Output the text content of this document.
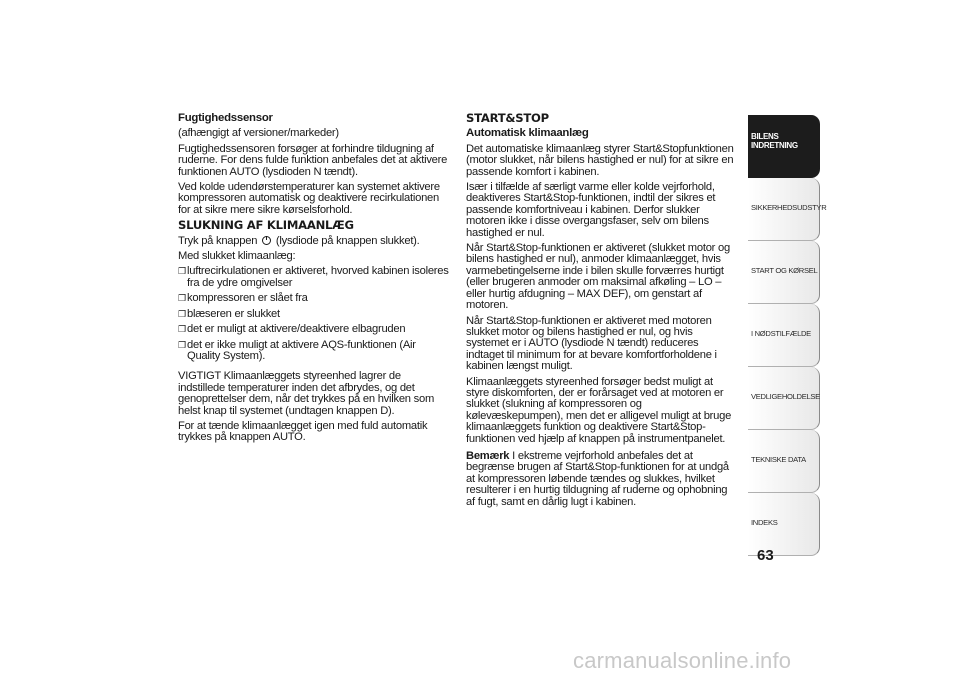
Fugtighedssensor

(afhængigt af versioner/markeder)

Fugtighedssensoren forsøger at forhindre tildugning af ruderne. For dens fulde funktion anbefales det at aktivere funktionen AUTO (lysdioden N tændt).

Ved kolde udendørstemperaturer kan systemet aktivere kompressoren automatisk og deaktivere recirkulationen for at sikre mere sikre kørselsforhold.

SLUKNING AF KLIMAANLÆG

Tryk på knappen (lysdiode på knappen slukket).

Med slukket klimaanlæg:

❒luftrecirkulationen er aktiveret, hvorved kabinen isoleres fra de ydre omgivelser

❒kompressoren er slået fra

❒blæseren er slukket

❒det er muligt at aktivere/deaktivere elbagruden

❒det er ikke muligt at aktivere AQS-funktionen (Air Quality System).

VIGTIGT Klimaanlæggets styreenhed lagrer de indstillede temperaturer inden det afbrydes, og det genoprettelser dem, når det trykkes på en hvilken som helst knap til systemet (undtagen knappen D).

For at tænde klimaanlægget igen med fuld automatik trykkes på knappen AUTO.

START&STOP

Automatisk klimaanlæg

Det automatiske klimaanlæg styrer Start&Stopfunktionen (motor slukket, når bilens hastighed er nul) for at sikre en passende komfort i kabinen.

Især i tilfælde af særligt varme eller kolde vejrforhold, deaktiveres Start&Stop-funktionen, indtil der sikres et passende komfortniveau i kabinen. Derfor slukker motoren ikke i disse overgangsfaser, selv om bilens hastighed er nul.

Når Start&Stop-funktionen er aktiveret (slukket motor og bilens hastighed er nul), anmoder klimaanlægget, hvis varmebetingelserne inde i bilen skulle forværres hurtigt (eller brugeren anmoder om maksimal afkøling – LO – eller hurtig afdugning – MAX DEF), om genstart af motoren.

Når Start&Stop-funktionen er aktiveret med motoren slukket motor og bilens hastighed er nul, og hvis systemet er i AUTO (lysdiode N tændt) reduceres indtaget til minimum for at bevare komfortforholdene i kabinen længst muligt.

Klimaanlæggets styreenhed forsøger bedst muligt at styre diskomforten, der er forårsaget ved at motoren er slukket (slukning af kompressoren og kølevæskepumpen), men det er alligevel muligt at bruge klimaanlæggets funktion og deaktivere Start&Stop-funktionen ved hjælp af knappen på instrumentpanelet.

Bemærk I ekstreme vejrforhold anbefales det at begrænse brugen af Start&Stop-funktionen for at undgå at kompressoren løbende tændes og slukkes, hvilket resulterer i en hurtig tildugning af ruderne og ophobning af fugt, samt en dårlig lugt i kabinen.

BILENS
INDRETNING
SIKKERHEDSUDSTYR
START OG KØRSEL
I NØDSTILFÆLDE
VEDLIGEHOLDELSE
TEKNISKE DATA
INDEKS
63
carmanualsonline.info
